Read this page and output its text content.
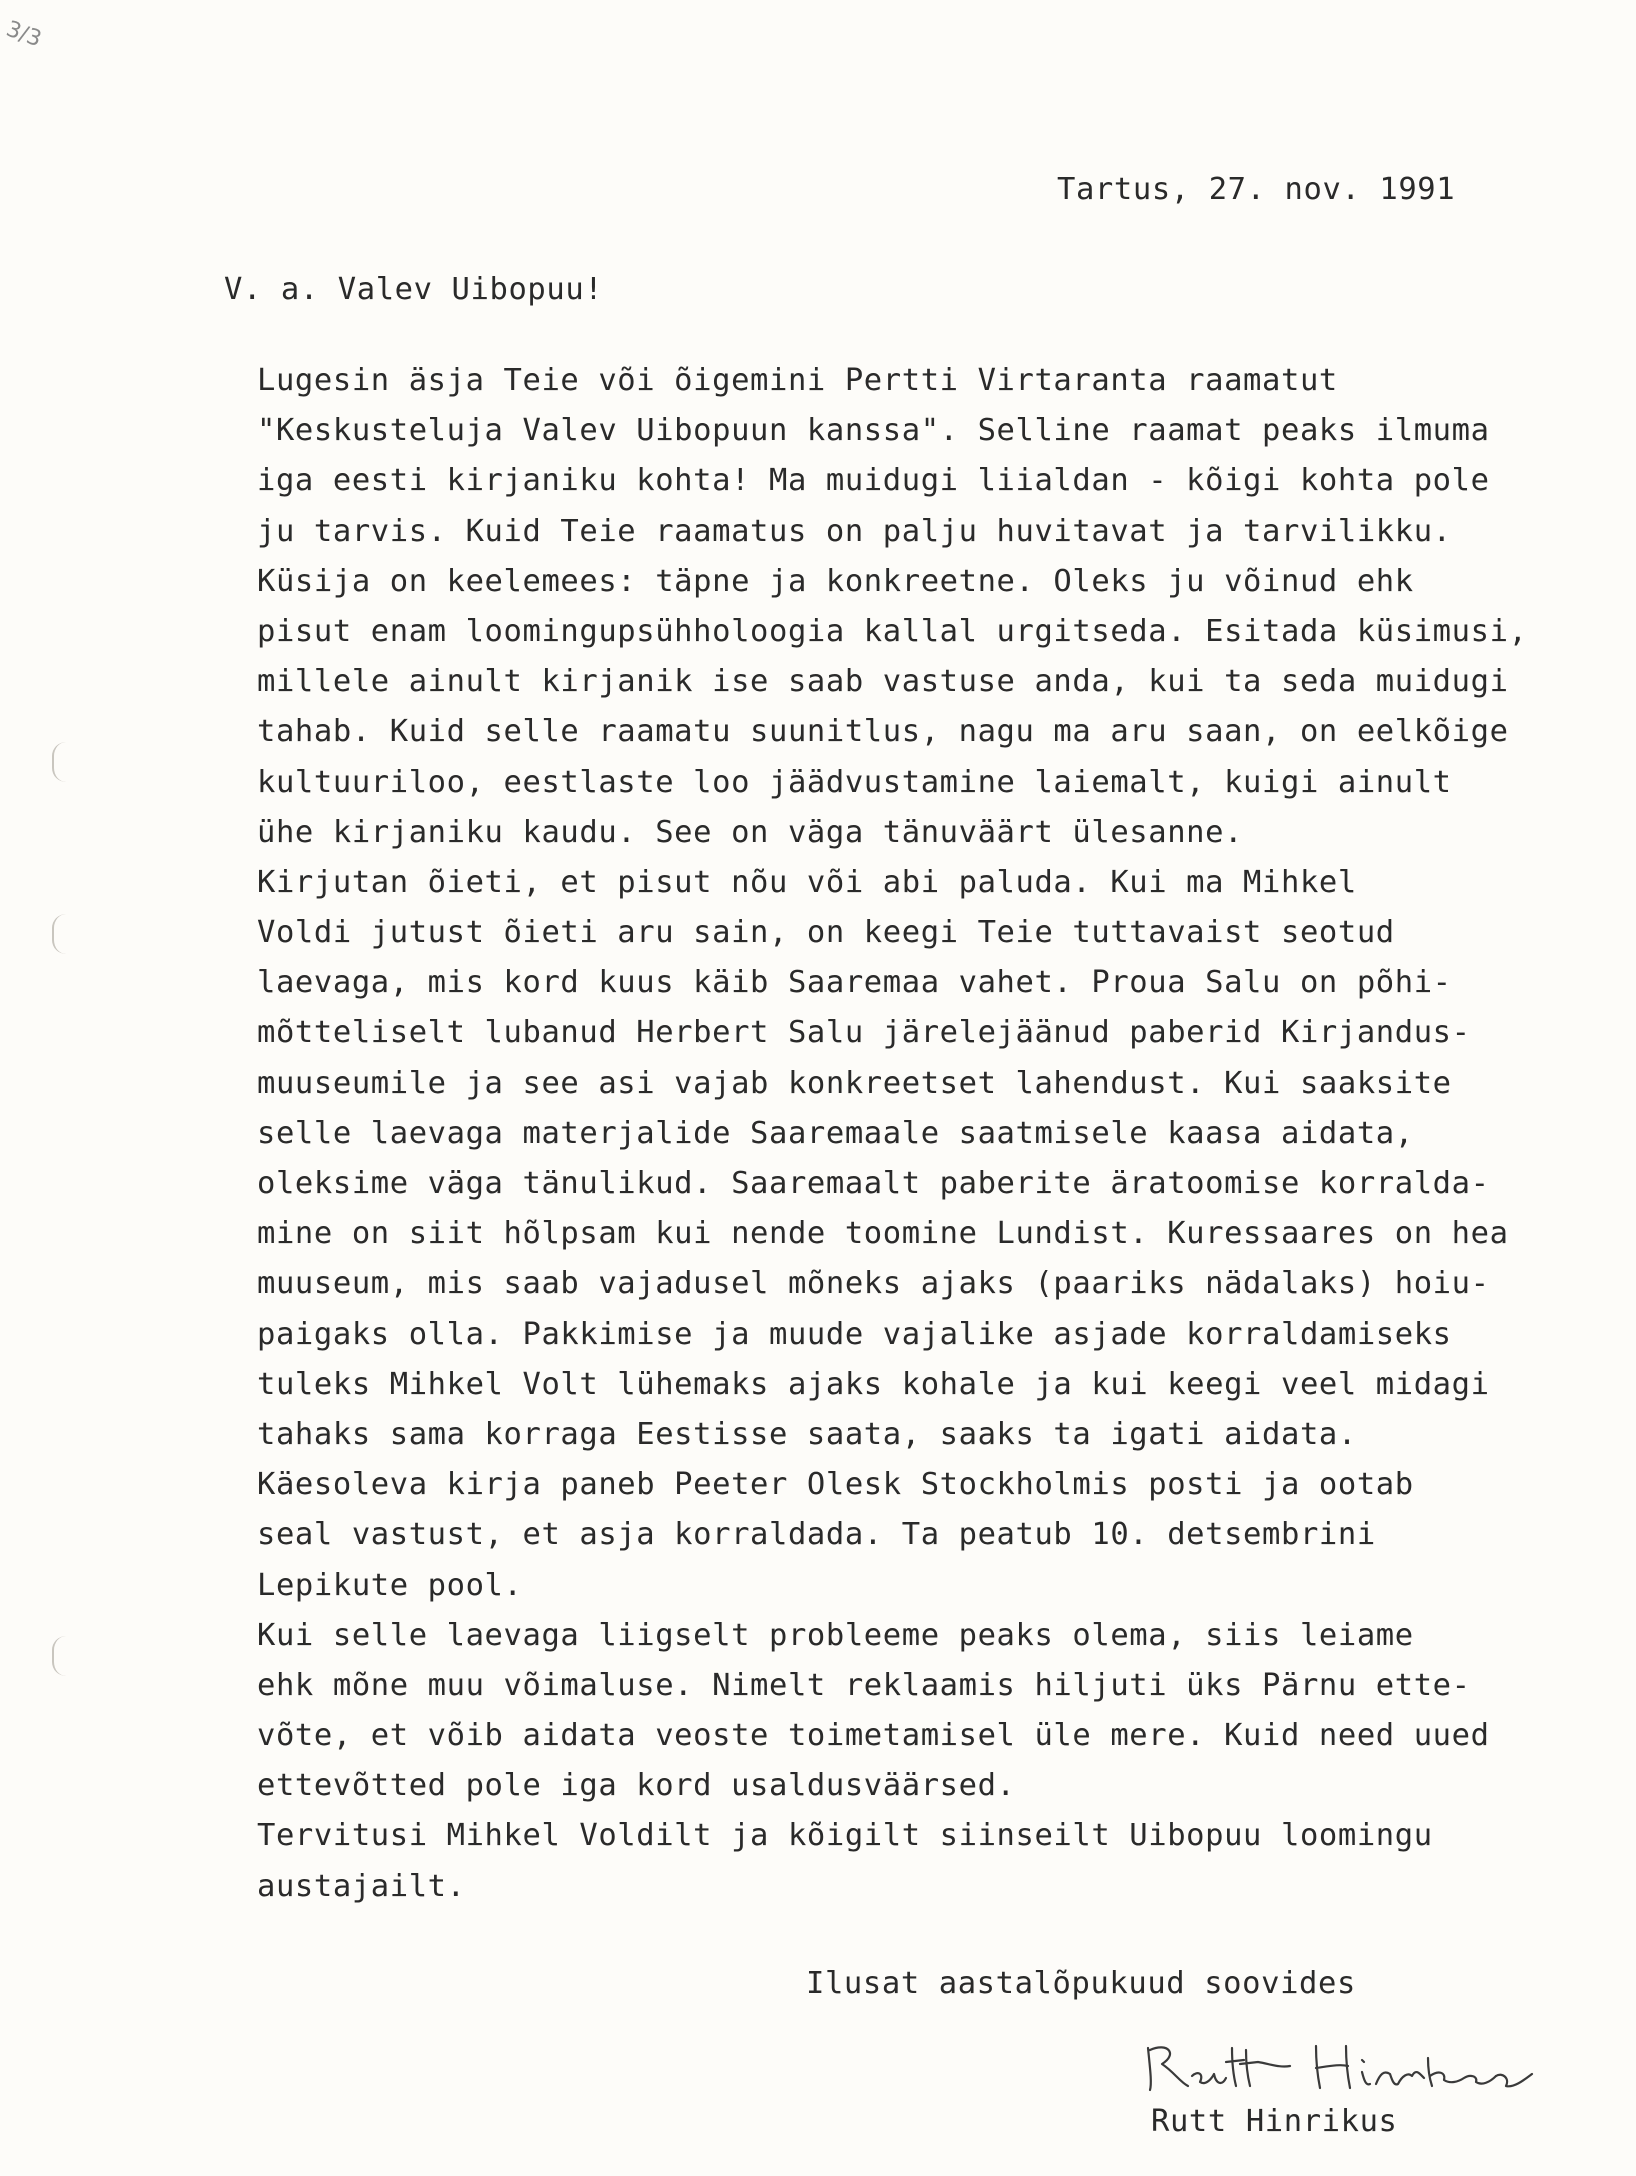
3/3
Tartus, 27. nov. 1991
V. a. Valev Uibopuu!
Lugesin äsja Teie või õigemini Pertti Virtaranta raamatut
"Keskusteluja Valev Uibopuun kanssa". Selline raamat peaks ilmuma
iga eesti kirjaniku kohta! Ma muidugi liialdan - kõigi kohta pole
ju tarvis. Kuid Teie raamatus on palju huvitavat ja tarvilikku.
Küsija on keelemees: täpne ja konkreetne. Oleks ju võinud ehk
pisut enam loomingupsühholoogia kallal urgitseda. Esitada küsimusi,
millele ainult kirjanik ise saab vastuse anda, kui ta seda muidugi
tahab. Kuid selle raamatu suunitlus, nagu ma aru saan, on eelkõige
kultuuriloo, eestlaste loo jäädvustamine laiemalt, kuigi ainult
ühe kirjaniku kaudu. See on väga tänuväärt ülesanne.
Kirjutan õieti, et pisut nõu või abi paluda. Kui ma Mihkel
Voldi jutust õieti aru sain, on keegi Teie tuttavaist seotud
laevaga, mis kord kuus käib Saaremaa vahet. Proua Salu on põhi-
mõtteliselt lubanud Herbert Salu järelejäänud paberid Kirjandus-
muuseumile ja see asi vajab konkreetset lahendust. Kui saaksite
selle laevaga materjalide Saaremaale saatmisele kaasa aidata,
oleksime väga tänulikud. Saaremaalt paberite äratoomise korralda-
mine on siit hõlpsam kui nende toomine Lundist. Kuressaares on hea
muuseum, mis saab vajadusel mõneks ajaks (paariks nädalaks) hoiu-
paigaks olla. Pakkimise ja muude vajalike asjade korraldamiseks
tuleks Mihkel Volt lühemaks ajaks kohale ja kui keegi veel midagi
tahaks sama korraga Eestisse saata, saaks ta igati aidata.
Käesoleva kirja paneb Peeter Olesk Stockholmis posti ja ootab
seal vastust, et asja korraldada. Ta peatub 10. detsembrini
Lepikute pool.
Kui selle laevaga liigselt probleeme peaks olema, siis leiame
ehk mõne muu võimaluse. Nimelt reklaamis hiljuti üks Pärnu ette-
võte, et võib aidata veoste toimetamisel üle mere. Kuid need uued
ettevõtted pole iga kord usaldusväärsed.
Tervitusi Mihkel Voldilt ja kõigilt siinseilt Uibopuu loomingu
austajailt.
Ilusat aastalõpukuud soovides
Rutt Hinrikus
